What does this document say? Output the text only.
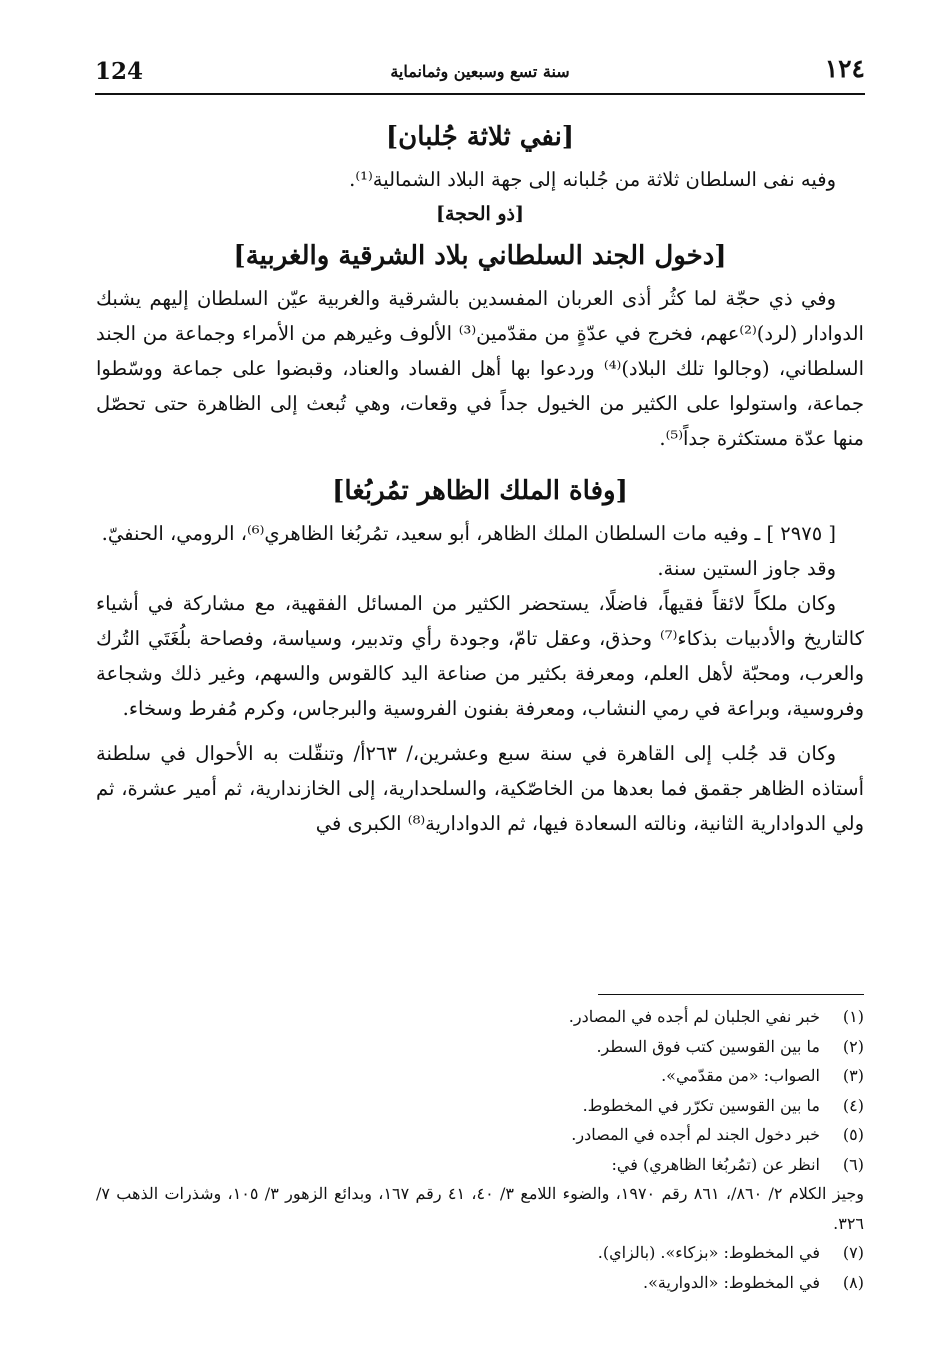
124	سنة تسع وسبعين وثمانماية	١٢٤
[نفي ثلاثة جُلبان]

وفيه نفى السلطان ثلاثة من جُلبانه إلى جهة البلاد الشمالية⁽¹⁾.

[ذو الحجة]
[دخول الجند السلطاني بلاد الشرقية والغربية]

وفي ذي حجّة لما كثُر أذى العربان المفسدين بالشرقية والغربية عيّن السلطان إليهم يشبك الدوادار (لرد)⁽²⁾عهم، فخرج في عدّةٍ من مقدّمين⁽³⁾ الألوف وغيرهم من الأمراء وجماعة من الجند السلطاني، (وجالوا تلك البلاد)⁽⁴⁾ وردعوا بها أهل الفساد والعناد، وقبضوا على جماعة ووسّطوا جماعة، واستولوا على الكثير من الخيول جداً في وقعات، وهي تُبعث إلى الظاهرة حتى تحصّل منها عدّة مستكثرة جداً⁽⁵⁾.

[وفاة الملك الظاهر تمُربُغا]

[ ٢٩٧٥ ] ـ وفيه مات السلطان الملك الظاهر، أبو سعيد، تمُربُغا الظاهري⁽⁶⁾، الرومي، الحنفيّ.

وقد جاوز الستين سنة.

وكان ملكاً لائقاً فقيهاً، فاضلًا، يستحضر الكثير من المسائل الفقهية، مع مشاركة في أشياء كالتاريخ والأدبيات بذكاء⁽⁷⁾ وحذق، وعقل تامّ، وجودة رأي وتدبير، وسياسة، وفصاحة بلُغَتَي التُرك والعرب، ومحبّة لأهل العلم، ومعرفة بكثير من صناعة اليد كالقوس والسهم، وغير ذلك وشجاعة وفروسية، وبراعة في رمي النشاب، ومعرفة بفنون الفروسية والبرجاس، وكرم مُفرط وسخاء.

وكان قد جُلب إلى القاهرة في سنة سبع وعشرين،/ ٢٦٣أ/ وتنقّلت به الأحوال في سلطنة أستاذه الظاهر جقمق فما بعدها من الخاصّكية، والسلحدارية، إلى الخازندارية، ثم أمير عشرة، ثم ولي الدوادارية الثانية، ونالته السعادة فيها، ثم الدوادارية⁽⁸⁾ الكبرى في

(١)
خبر نفي الجلبان لم أجده في المصادر.
(٢)
ما بين القوسين كتب فوق السطر.
(٣)
الصواب: «من مقدّمي».
(٤)
ما بين القوسين تكرّر في المخطوط.
(٥)
خبر دخول الجند لم أجده في المصادر.
(٦)
انظر عن (تمُربُغا الظاهري) في:
وجيز الكلام ٢/ ٨٦٠/، ٨٦١ رقم ١٩٧٠، والضوء اللامع ٣/ ٤٠، ٤١ رقم ١٦٧، وبدائع الزهور ٣/ ١٠٥، وشذرات الذهب ٧/ ٣٢٦.
(٧)
في المخطوط: «بزكاء». (بالزاي).
(٨)
في المخطوط: «الدوارية».
